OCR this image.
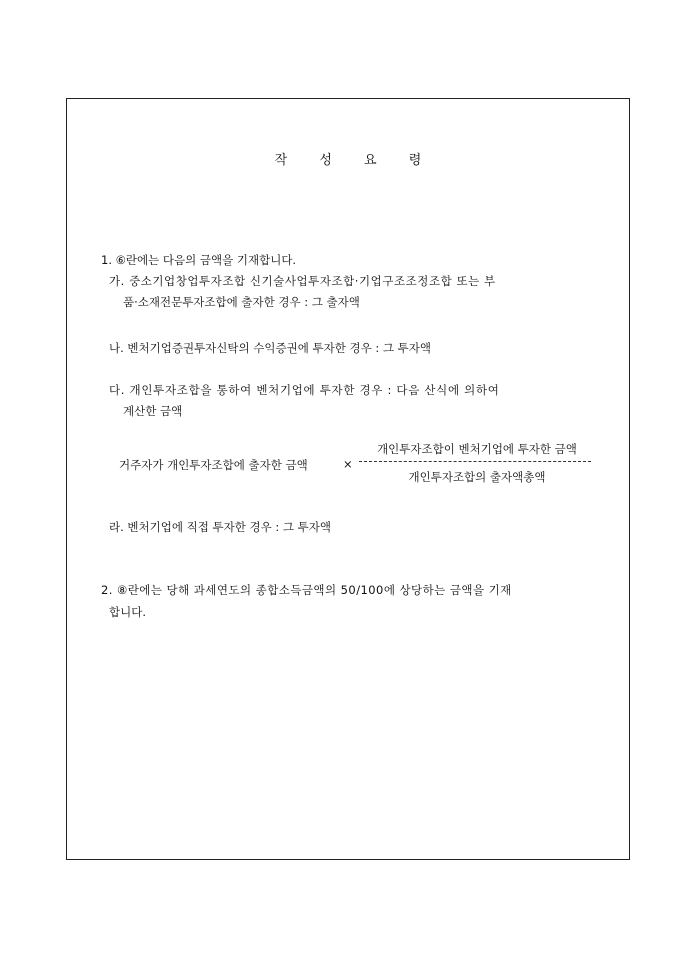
작 성 요 령
1. ⑥란에는 다음의 금액을 기재합니다.
가. 중소기업창업투자조합 신기술사업투자조합·기업구조조정조합 또는 부
품·소재전문투자조합에 출자한 경우 : 그 출자액
나. 벤처기업증권투자신탁의 수익증권에 투자한 경우 : 그 투자액
다. 개인투자조합을 통하여 벤처기업에 투자한 경우 : 다음 산식에 의하여
계산한 금액
거주자가 개인투자조합에 출자한 금액	×
개인투자조합이 벤처기업에 투자한 금액
개인투자조합의 출자액총액
라. 벤처기업에 직접 투자한 경우 : 그 투자액
2. ⑧란에는 당해 과세연도의 종합소득금액의 50/100에 상당하는 금액을 기재
합니다.
